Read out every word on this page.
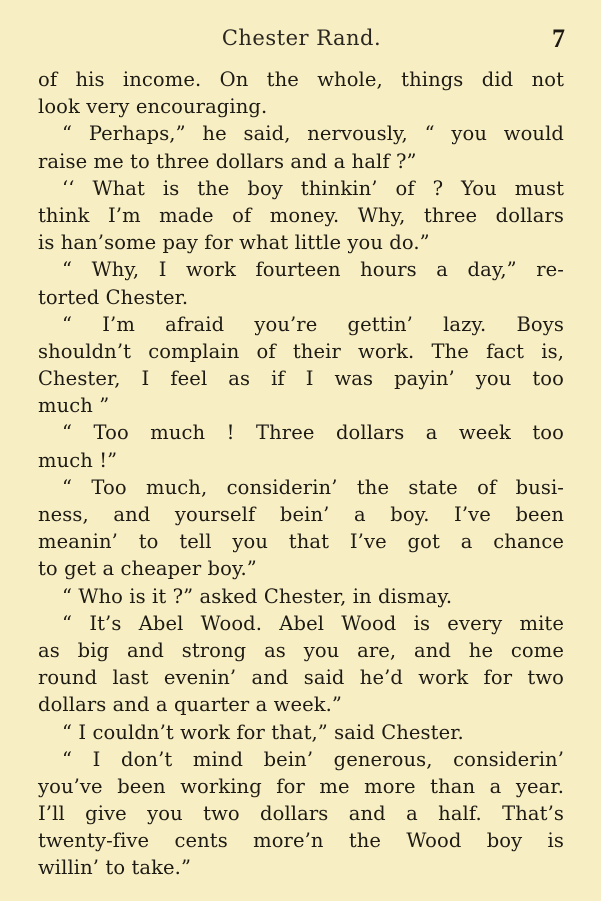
Chester Rand.	7
of his income. On the whole, things did not
look very encouraging.
“ Perhaps,” he said, nervously, “ you would
raise me to three dollars and a half ?”
‘‘ What is the boy thinkin’ of ? You must
think I’m made of money. Why, three dollars
is han’some pay for what little you do.”
“ Why, I work fourteen hours a day,” re-
torted Chester.
“ I’m afraid you’re gettin’ lazy. Boys
shouldn’t complain of their work. The fact is,
Chester, I feel as if I was payin’ you too
much ”
“ Too much ! Three dollars a week too
much !”
“ Too much, considerin’ the state of busi-
ness, and yourself bein’ a boy. I’ve been
meanin’ to tell you that I’ve got a chance
to get a cheaper boy.”
“ Who is it ?” asked Chester, in dismay.
“ It’s Abel Wood. Abel Wood is every mite
as big and strong as you are, and he come
round last evenin’ and said he’d work for two
dollars and a quarter a week.”
“ I couldn’t work for that,” said Chester.
“ I don’t mind bein’ generous, considerin’
you’ve been working for me more than a year.
I’ll give you two dollars and a half. That’s
twenty-five cents more’n the Wood boy is
willin’ to take.”
